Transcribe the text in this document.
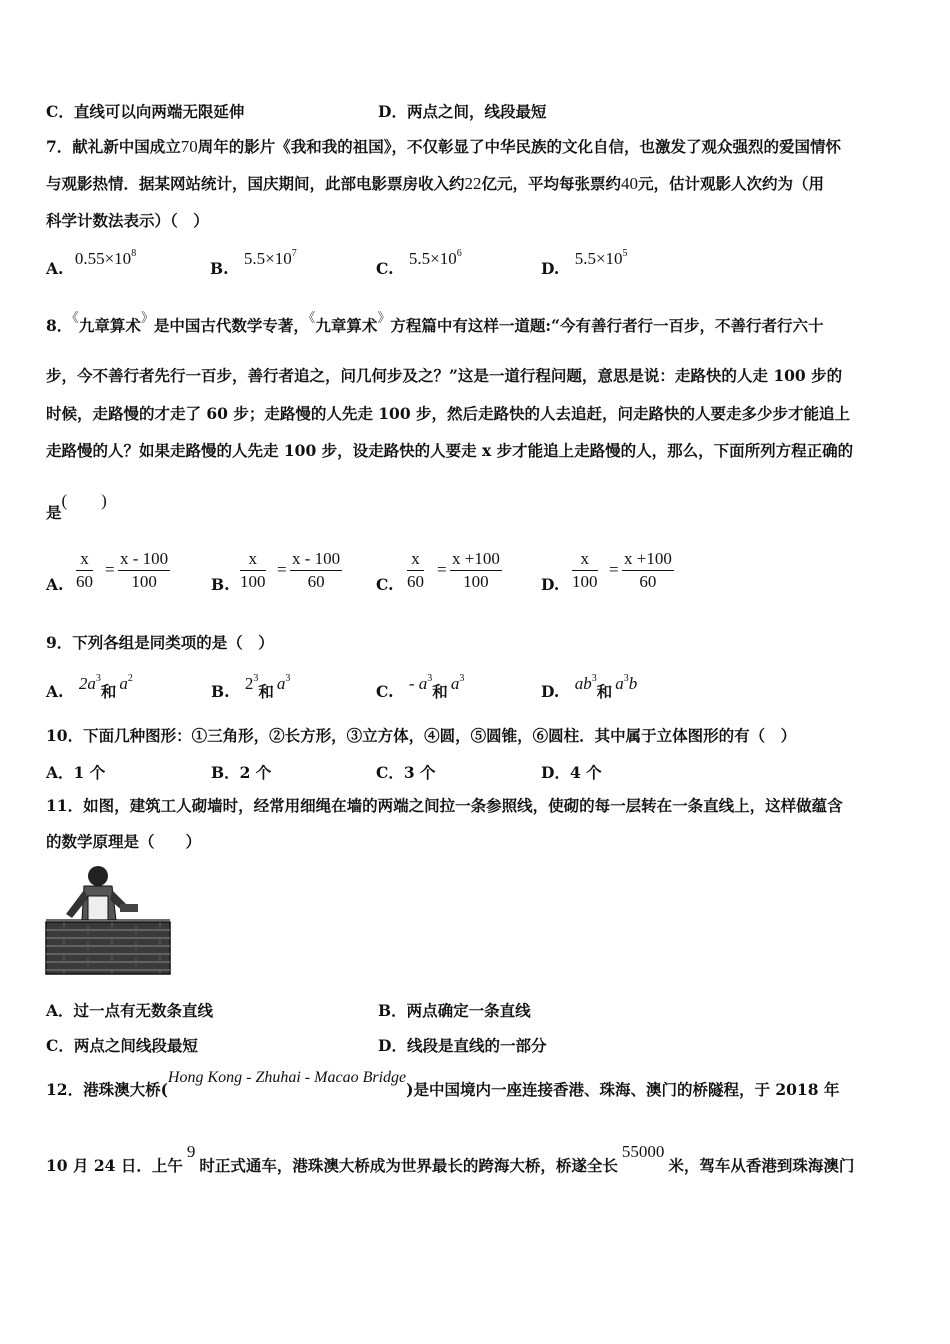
C．直线可以向两端无限延伸	D．两点之间，线段最短
7．献礼新中国成立70周年的影片《我和我的祖国》，不仅彰显了中华民族的文化自信，也激发了观众强烈的爱国情怀
与观影热情．据某网站统计，国庆期间，此部电影票房收入约22亿元，平均每张票约40元，估计观影人次约为（用
科学计数法表示）（　）
A. $0.55\times 10^8$
B. $5.5\times 10^7$
C. $5.5\times 10^6$
D. $5.5\times 10^5$
8．《九章算术》是中国古代数学专著，《九章算术》方程篇中有这样一道题:“今有善行者行一百步，不善行者行六十
步，今不善行者先行一百步，善行者追之，问几何步及之？”这是一道行程问题，意思是说：走路快的人走 100 步的
时候，走路慢的才走了 60 步；走路慢的人先走 100 步，然后走路快的人去追赶，问走路快的人要走多少步才能追上
走路慢的人？如果走路慢的人先走 100 步，设走路快的人要走 x 步才能追上走路慢的人，那么，下面所列方程正确的
是(　　)
A. $\frac{x}{60} = \frac{x - 100}{100}$	B. $\frac{x}{100} = \frac{x - 100}{60} C$. $\frac{x}{60} = \frac{x +100}{100}$	D. $\frac{x}{100} = \frac{x +100}{60}$
9．下列各组是同类项的是（　）
A. $2a^3$和 $a^2$
B. $2^3$和 $a^3$
C. - $a^3$和 $a^3$
D. $ab^3$和 $a^3b$
10．下面几种图形：①三角形，②长方形，③立方体，④圆，⑤圆锥，⑥圆柱．其中属于立体图形的有（　）
A．1 个	B．2 个	C．3 个	D．4 个
11．如图，建筑工人砌墙时，经常用细绳在墙的两端之间拉一条参照线，使砌的每一层转在一条直线上，这样做蕴含
的数学原理是（　　）
A．过一点有无数条直线	B．两点确定一条直线
C．两点之间线段最短	D．线段是直线的一部分
12．港珠澳大桥(Hong Kong - Zhuhai - Macao Bridge)是中国境内一座连接香港、珠海、澳门的桥隧程，于 2018 年
10 月 24 日．上午9时正式通车，港珠澳大桥成为世界最长的跨海大桥，桥遂全长55000米，驾车从香港到珠海澳门
